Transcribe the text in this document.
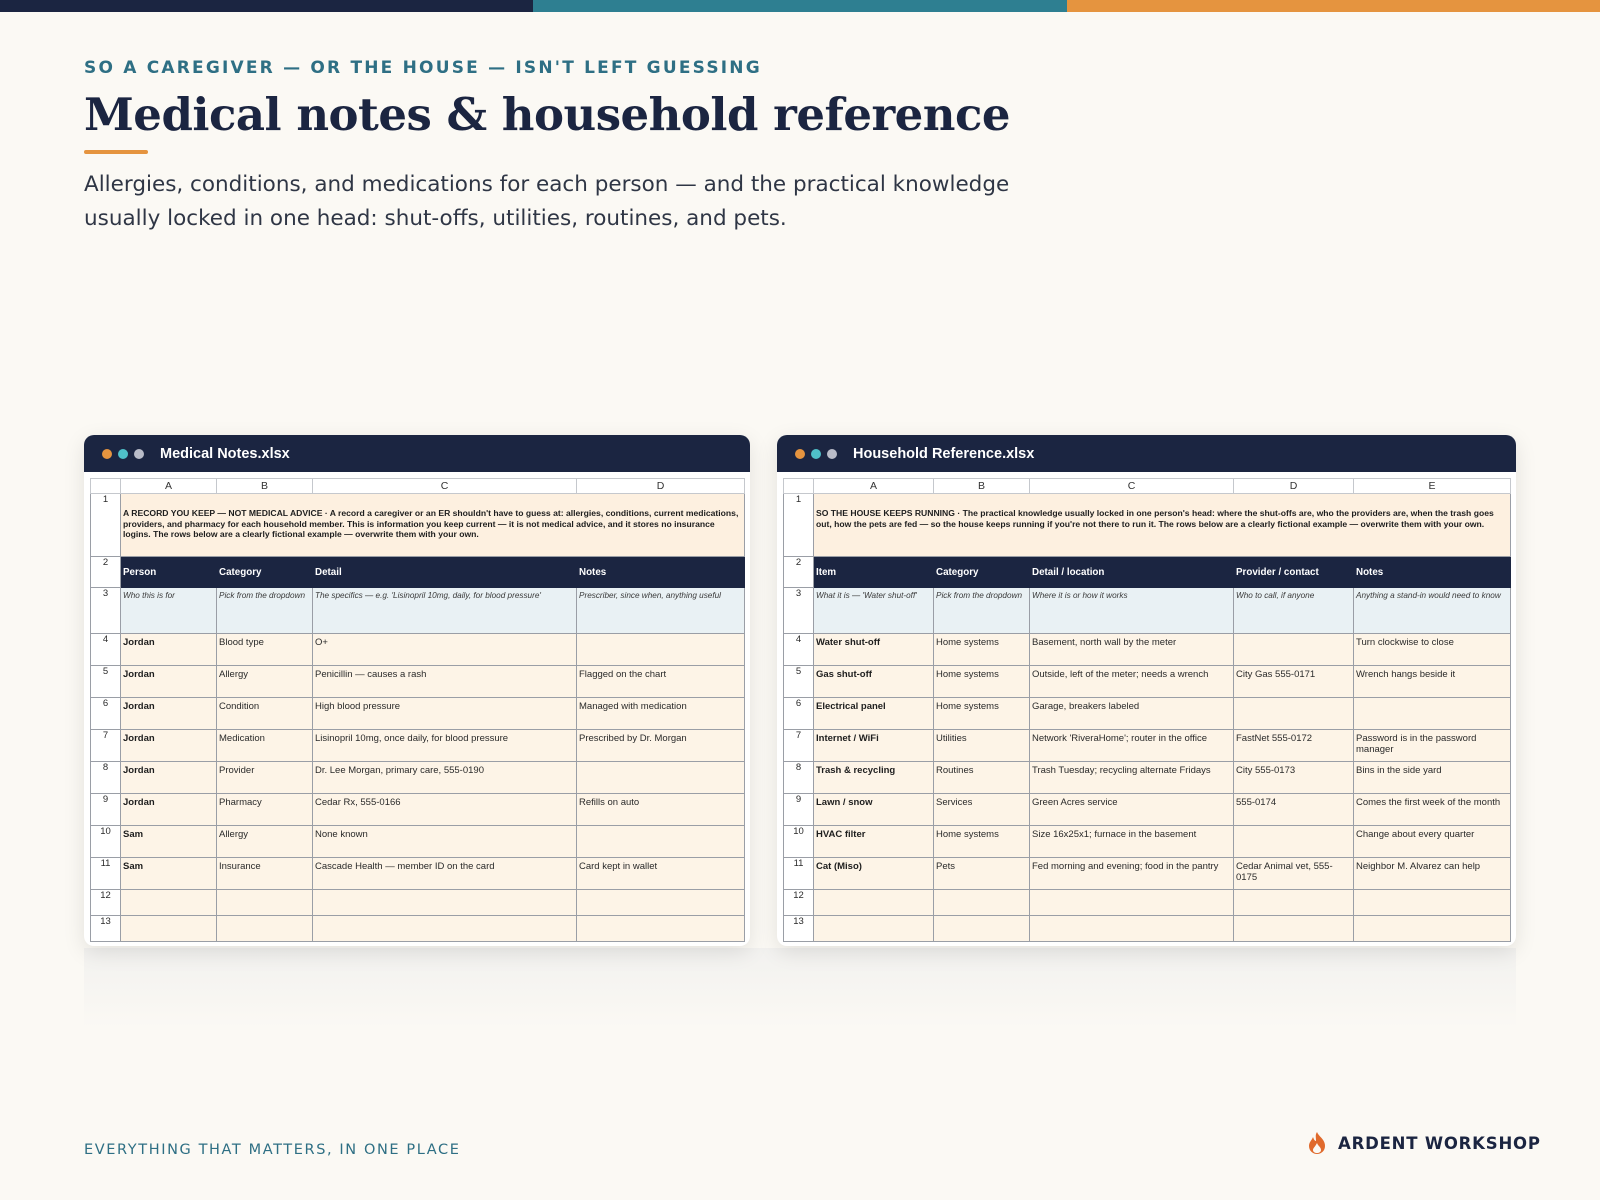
SO A CAREGIVER — OR THE HOUSE — ISN'T LEFT GUESSING
Medical notes & household reference
Allergies, conditions, and medications for each person — and the practical knowledge usually locked in one head: shut-offs, utilities, routines, and pets.
Medical Notes.xlsx
	A	B	C	D
1	A RECORD YOU KEEP — NOT MEDICAL ADVICE · A record a caregiver or an ER shouldn't have to guess at: allergies, conditions, current medications, providers, and pharmacy for each household member. This is information you keep current — it is not medical advice, and it stores no insurance logins. The rows below are a clearly fictional example — overwrite them with your own.			
2	Person	Category	Detail	Notes
3	Who this is for	Pick from the dropdown	The specifics — e.g. 'Lisinopril 10mg, daily, for blood pressure'	Prescriber, since when, anything useful
4	Jordan	Blood type	O+	
5	Jordan	Allergy	Penicillin — causes a rash	Flagged on the chart
6	Jordan	Condition	High blood pressure	Managed with medication
7	Jordan	Medication	Lisinopril 10mg, once daily, for blood pressure	Prescribed by Dr. Morgan
8	Jordan	Provider	Dr. Lee Morgan, primary care, 555-0190	
9	Jordan	Pharmacy	Cedar Rx, 555-0166	Refills on auto
10	Sam	Allergy	None known	
11	Sam	Insurance	Cascade Health — member ID on the card	Card kept in wallet
12				
13				
Household Reference.xlsx
	A	B	C	D	E
1	SO THE HOUSE KEEPS RUNNING · The practical knowledge usually locked in one person's head: where the shut-offs are, who the providers are, when the trash goes out, how the pets are fed — so the house keeps running if you're not there to run it. The rows below are a clearly fictional example — overwrite them with your own.				
2	Item	Category	Detail / location	Provider / contact	Notes
3	What it is — 'Water shut-off'	Pick from the dropdown	Where it is or how it works	Who to call, if anyone	Anything a stand-in would need to know
4	Water shut-off	Home systems	Basement, north wall by the meter		Turn clockwise to close
5	Gas shut-off	Home systems	Outside, left of the meter; needs a wrench	City Gas 555-0171	Wrench hangs beside it
6	Electrical panel	Home systems	Garage, breakers labeled		
7	Internet / WiFi	Utilities	Network 'RiveraHome'; router in the office	FastNet 555-0172	Password is in the password manager
8	Trash & recycling	Routines	Trash Tuesday; recycling alternate Fridays	City 555-0173	Bins in the side yard
9	Lawn / snow	Services	Green Acres service	555-0174	Comes the first week of the month
10	HVAC filter	Home systems	Size 16x25x1; furnace in the basement		Change about every quarter
11	Cat (Miso)	Pets	Fed morning and evening; food in the pantry	Cedar Animal vet, 555-0175	Neighbor M. Alvarez can help
12					
13					
EVERYTHING THAT MATTERS, IN ONE PLACE	ARDENT WORKSHOP
